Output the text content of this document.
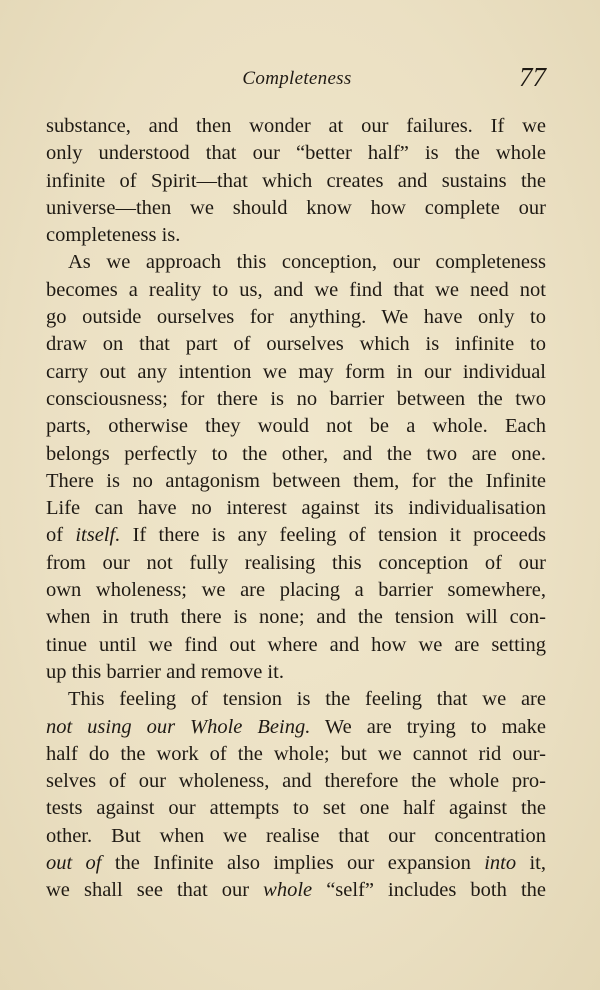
Completeness	77
substance, and then wonder at our failures. If we
only understood that our “better half” is the whole
infinite of Spirit—that which creates and sustains the
universe—then we should know how complete our
completeness is.
As we approach this conception, our completeness
becomes a reality to us, and we find that we need not
go outside ourselves for anything. We have only to
draw on that part of ourselves which is infinite to
carry out any intention we may form in our individual
consciousness; for there is no barrier between the two
parts, otherwise they would not be a whole. Each
belongs perfectly to the other, and the two are one.
There is no antagonism between them, for the Infinite
Life can have no interest against its individualisation
of itself. If there is any feeling of tension it proceeds
from our not fully realising this conception of our
own wholeness; we are placing a barrier somewhere,
when in truth there is none; and the tension will con-
tinue until we find out where and how we are setting
up this barrier and remove it.
This feeling of tension is the feeling that we are
not using our Whole Being. We are trying to make
half do the work of the whole; but we cannot rid our-
selves of our wholeness, and therefore the whole pro-
tests against our attempts to set one half against the
other. But when we realise that our concentration
out of the Infinite also implies our expansion into it,
we shall see that our whole “self” includes both the
